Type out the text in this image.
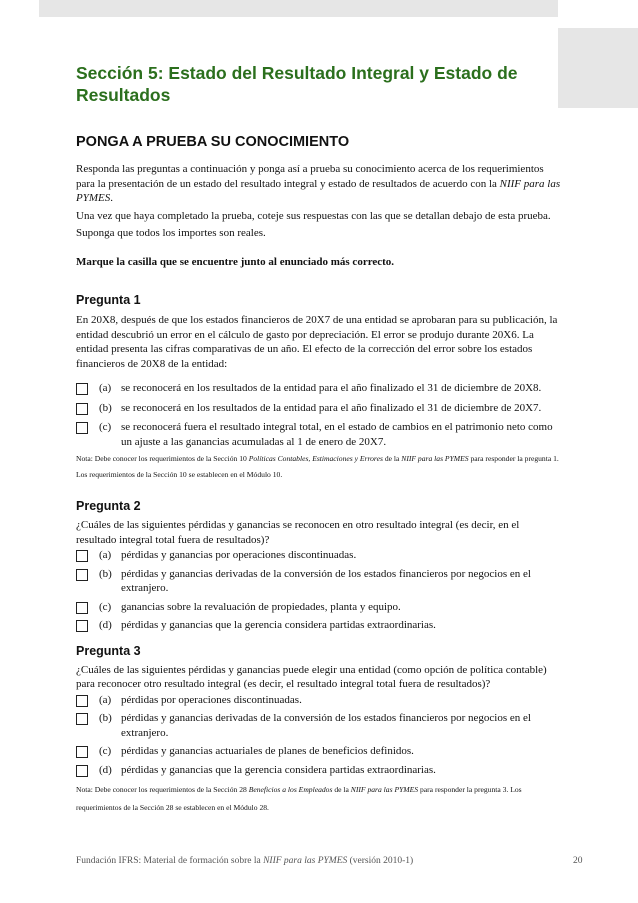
Sección 5: Estado del Resultado Integral y Estado de Resultados
PONGA A PRUEBA SU CONOCIMIENTO

Responda las preguntas a continuación y ponga así a prueba su conocimiento acerca de los requerimientos para la presentación de un estado del resultado integral y estado de resultados de acuerdo con la NIIF para las PYMES.

Una vez que haya completado la prueba, coteje sus respuestas con las que se detallan debajo de esta prueba.

Suponga que todos los importes son reales.

Marque la casilla que se encuentre junto al enunciado más correcto.

Pregunta 1

En 20X8, después de que los estados financieros de 20X7 de una entidad se aprobaran para su publicación, la entidad descubrió un error en el cálculo de gasto por depreciación. El error se produjo durante 20X6. La entidad presenta las cifras comparativas de un año. El efecto de la corrección del error sobre los estados financieros de 20X8 de la entidad:

(a) se reconocerá en los resultados de la entidad para el año finalizado el 31 de diciembre de 20X8.
(b) se reconocerá en los resultados de la entidad para el año finalizado el 31 de diciembre de 20X7.
(c) se reconocerá fuera el resultado integral total, en el estado de cambios en el patrimonio neto como un ajuste a las ganancias acumuladas al 1 de enero de 20X7.
Nota: Debe conocer los requerimientos de la Sección 10 Políticas Contables, Estimaciones y Errores de la NIIF para las PYMES para responder la pregunta 1. Los requerimientos de la Sección 10 se establecen en el Módulo 10.
Pregunta 2

¿Cuáles de las siguientes pérdidas y ganancias se reconocen en otro resultado integral (es decir, en el resultado integral total fuera de resultados)?

(a) pérdidas y ganancias por operaciones discontinuadas.
(b) pérdidas y ganancias derivadas de la conversión de los estados financieros por negocios en el extranjero.
(c) ganancias sobre la revaluación de propiedades, planta y equipo.
(d) pérdidas y ganancias que la gerencia considera partidas extraordinarias.
Pregunta 3

¿Cuáles de las siguientes pérdidas y ganancias puede elegir una entidad (como opción de política contable) para reconocer otro resultado integral (es decir, el resultado integral total fuera de resultados)?

(a) pérdidas por operaciones discontinuadas.
(b) pérdidas y ganancias derivadas de la conversión de los estados financieros por negocios en el extranjero.
(c) pérdidas y ganancias actuariales de planes de beneficios definidos.
(d) pérdidas y ganancias que la gerencia considera partidas extraordinarias.
Nota: Debe conocer los requerimientos de la Sección 28 Beneficios a los Empleados de la NIIF para las PYMES para responder la pregunta 3. Los requerimientos de la Sección 28 se establecen en el Módulo 28.
Fundación IFRS: Material de formación sobre la NIIF para las PYMES (versión 2010-1)	20
